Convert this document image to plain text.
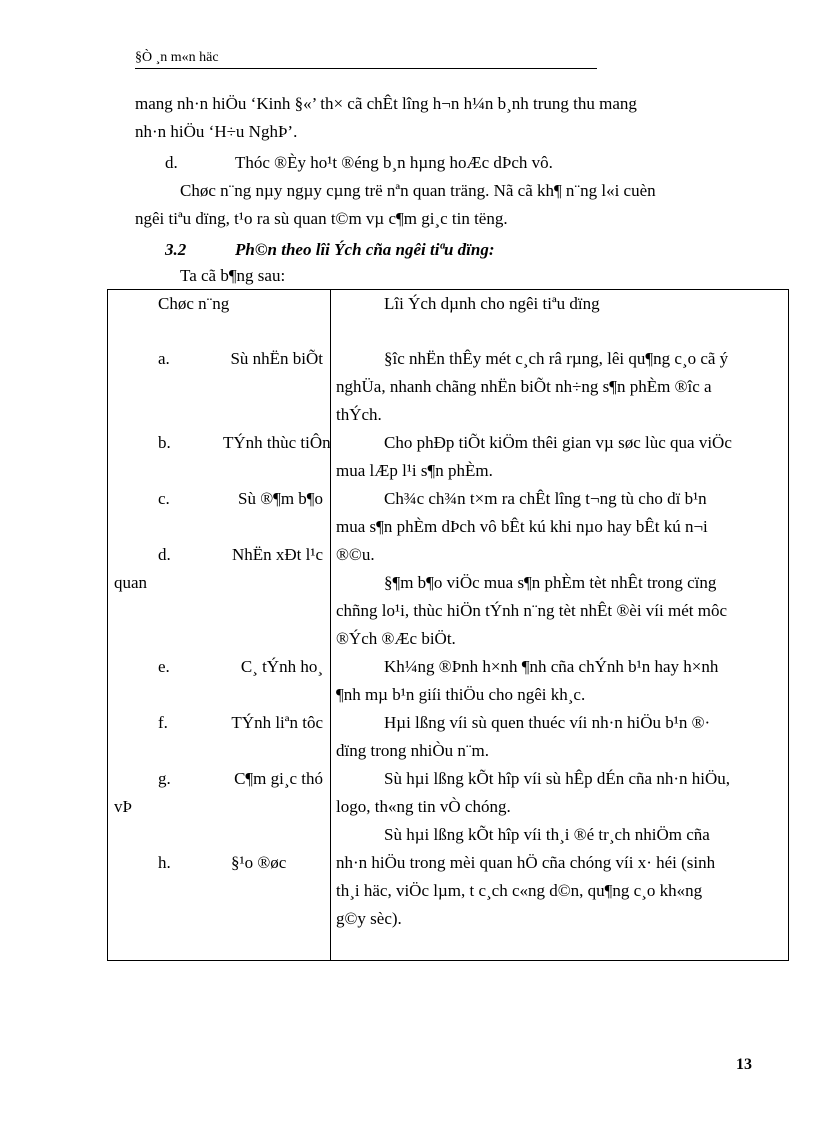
§Ò ¸n m«n häc
mang nh·n hiÖu ‘Kinh §«’ th× cã chÊt lîng h¬n h¼n b¸nh trung thu mang
nh·n hiÖu ‘H÷u NghÞ’.
d.	Thóc ®Èy ho¹t ®éng b¸n hµng hoÆc dÞch vô.
Chøc n¨ng nµy ngµy cµng trë nªn quan träng. Nã cã kh¶ n¨ng l«i cuèn
ngêi tiªu dïng, t¹o ra sù quan t©m vµ c¶m gi¸c tin tëng.
3.2	Ph©n theo lîi Ých cña ngêi tiªu dïng:
Ta cã b¶ng sau:
Chøc n¨ng	Lîi Ých dµnh cho ngêi tiªu dïng
a.	Sù nhËn biÕt	§îc nhËn thÊy mét c¸ch râ rµng, lêi qu¶ng c¸o cã ý

nghÜa, nhanh chãng nhËn biÕt nh÷ng s¶n phÈm ®îc a

thÝch.

b.	TÝnh thùc tiÔn	Cho phÐp tiÕt kiÖm thêi gian vµ søc lùc qua viÖc

mua lÆp l¹i s¶n phÈm.

c.	Sù ®¶m b¶o	Ch¾c ch¾n t×m ra chÊt lîng t¬ng tù cho dï b¹n

mua s¶n phÈm dÞch vô bÊt kú khi nµo hay bÊt kú n¬i

®©u.

d.	NhËn xÐt l¹c
quan	§¶m b¶o viÖc mua s¶n phÈm tèt nhÊt trong cïng

chñng lo¹i, thùc hiÖn tÝnh n¨ng tèt nhÊt ®èi víi mét môc

®Ých ®Æc biÖt.

e.	C¸ tÝnh ho¸	Kh¼ng ®Þnh h×nh ¶nh cña chÝnh b¹n hay h×nh

¶nh mµ b¹n giíi thiÖu cho ngêi kh¸c.

f.	TÝnh liªn tôc	Hµi lßng víi sù quen thuéc víi nh·n hiÖu b¹n ®·

dïng trong nhiÒu n¨m.

g.	C¶m gi¸c thó
vÞ

Sù hµi lßng kÕt hîp víi sù hÊp dÉn cña nh·n hiÖu,

logo, th«ng tin vÒ chóng.

h.	§¹o ®øc

Sù hµi lßng kÕt hîp víi th¸i ®é tr¸ch nhiÖm cña

nh·n hiÖu trong mèi quan hÖ cña chóng víi x· héi (sinh

th¸i häc, viÖc lµm, t c¸ch c«ng d©n, qu¶ng c¸o kh«ng

g©y sèc).

13
